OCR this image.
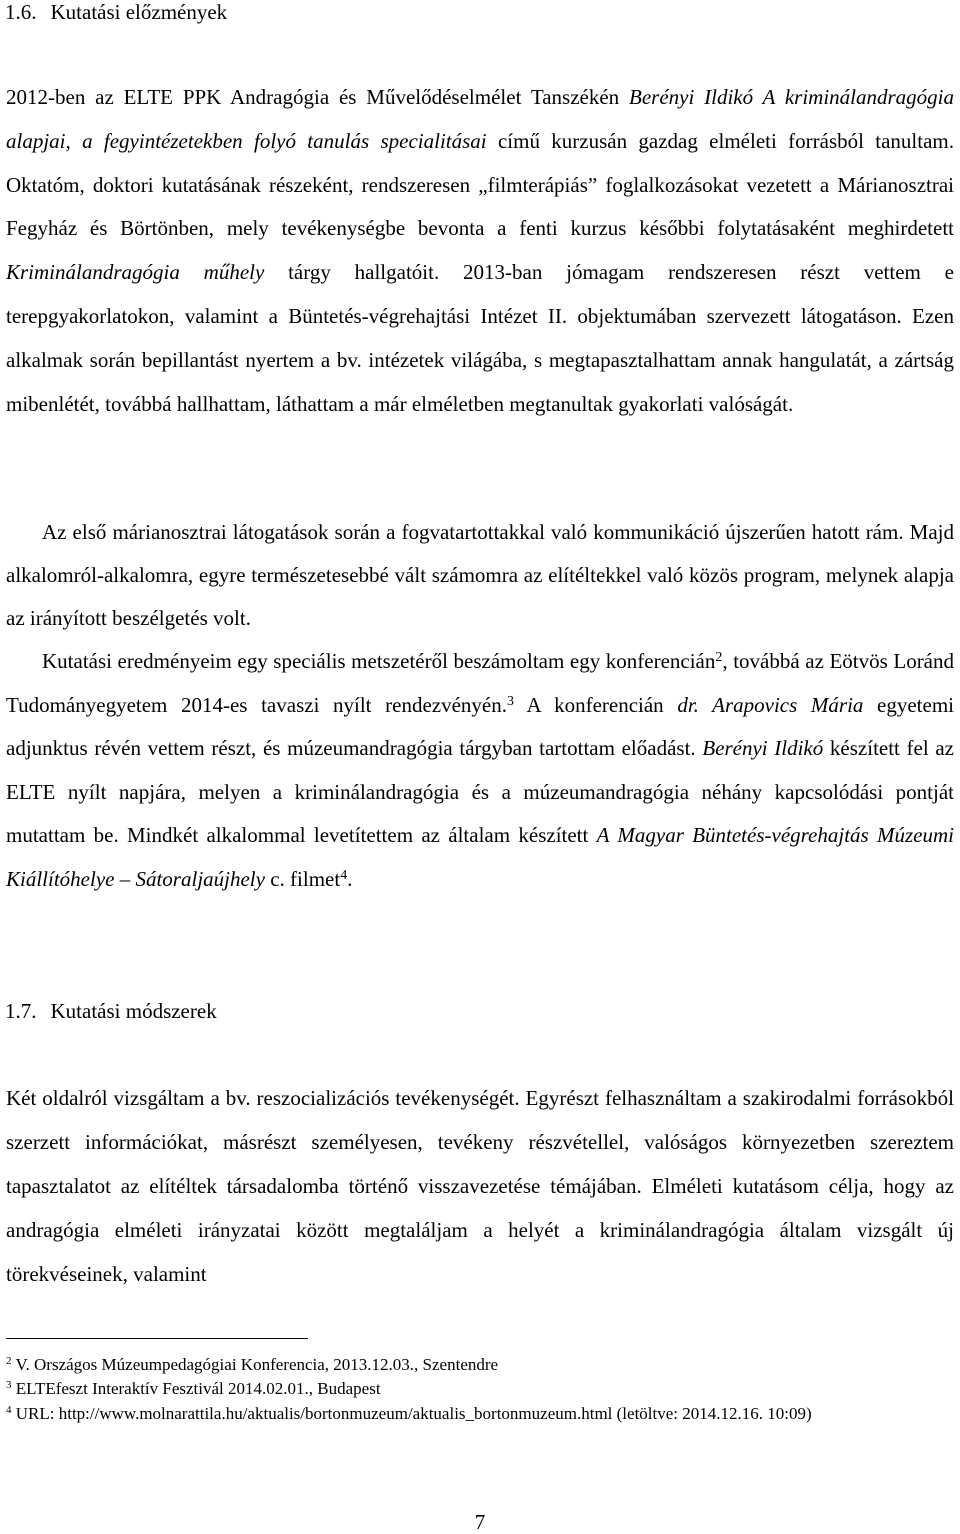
1.6. Kutatási előzmények

2012-ben az ELTE PPK Andragógia és Művelődéselmélet Tanszékén Berényi Ildikó A kriminálandragógia alapjai, a fegyintézetekben folyó tanulás specialitásai című kurzusán gazdag elméleti forrásból tanultam. Oktatóm, doktori kutatásának részeként, rendszeresen „filmterápiás” foglalkozásokat vezetett a Márianosztrai Fegyház és Börtönben, mely tevékenységbe bevonta a fenti kurzus későbbi folytatásaként meghirdetett Kriminálandragógia műhely tárgy hallgatóit. 2013-ban jómagam rendszeresen részt vettem e terepgyakorlatokon, valamint a Büntetés-végrehajtási Intézet II. objektumában szervezett látogatáson. Ezen alkalmak során bepillantást nyertem a bv. intézetek világába, s megtapasztalhattam annak hangulatát, a zártság mibenlétét, továbbá hallhattam, láthattam a már elméletben megtanultak gyakorlati valóságát.

Az első márianosztrai látogatások során a fogvatartottakkal való kommunikáció újszerűen hatott rám. Majd alkalomról-alkalomra, egyre természetesebbé vált számomra az elítéltekkel való közös program, melynek alapja az irányított beszélgetés volt.

Kutatási eredményeim egy speciális metszetéről beszámoltam egy konferencián$^2$, továbbá az Eötvös Loránd Tudományegyetem 2014-es tavaszi nyílt rendezvényén.$^3$ A konferencián dr. Arapovics Mária egyetemi adjunktus révén vettem részt, és múzeumandragógia tárgyban tartottam előadást. Berényi Ildikó készített fel az ELTE nyílt napjára, melyen a kriminálandragógia és a múzeumandragógia néhány kapcsolódási pontját mutattam be. Mindkét alkalommal levetítettem az általam készített A Magyar Büntetés-végrehajtás Múzeumi Kiállítóhelye – Sátoraljaújhely c. filmet$^4$.

1.7. Kutatási módszerek

Két oldalról vizsgáltam a bv. reszocializációs tevékenységét. Egyrészt felhasználtam a szakirodalmi forrásokból szerzett információkat, másrészt személyesen, tevékeny részvétellel, valóságos környezetben szereztem tapasztalatot az elítéltek társadalomba történő visszavezetése témájában. Elméleti kutatásom célja, hogy az andragógia elméleti irányzatai között megtaláljam a helyét a kriminálandragógia általam vizsgált új törekvéseinek, valamint

$^2$ V. Országos Múzeumpedagógiai Konferencia, 2013.12.03., Szentendre

$^3$ ELTEfeszt Interaktív Fesztivál 2014.02.01., Budapest

$^4$ URL: http://www.molnarattila.hu/aktualis/bortonmuzeum/aktualis_bortonmuzeum.html (letöltve: 2014.12.16. 10:09)

7
